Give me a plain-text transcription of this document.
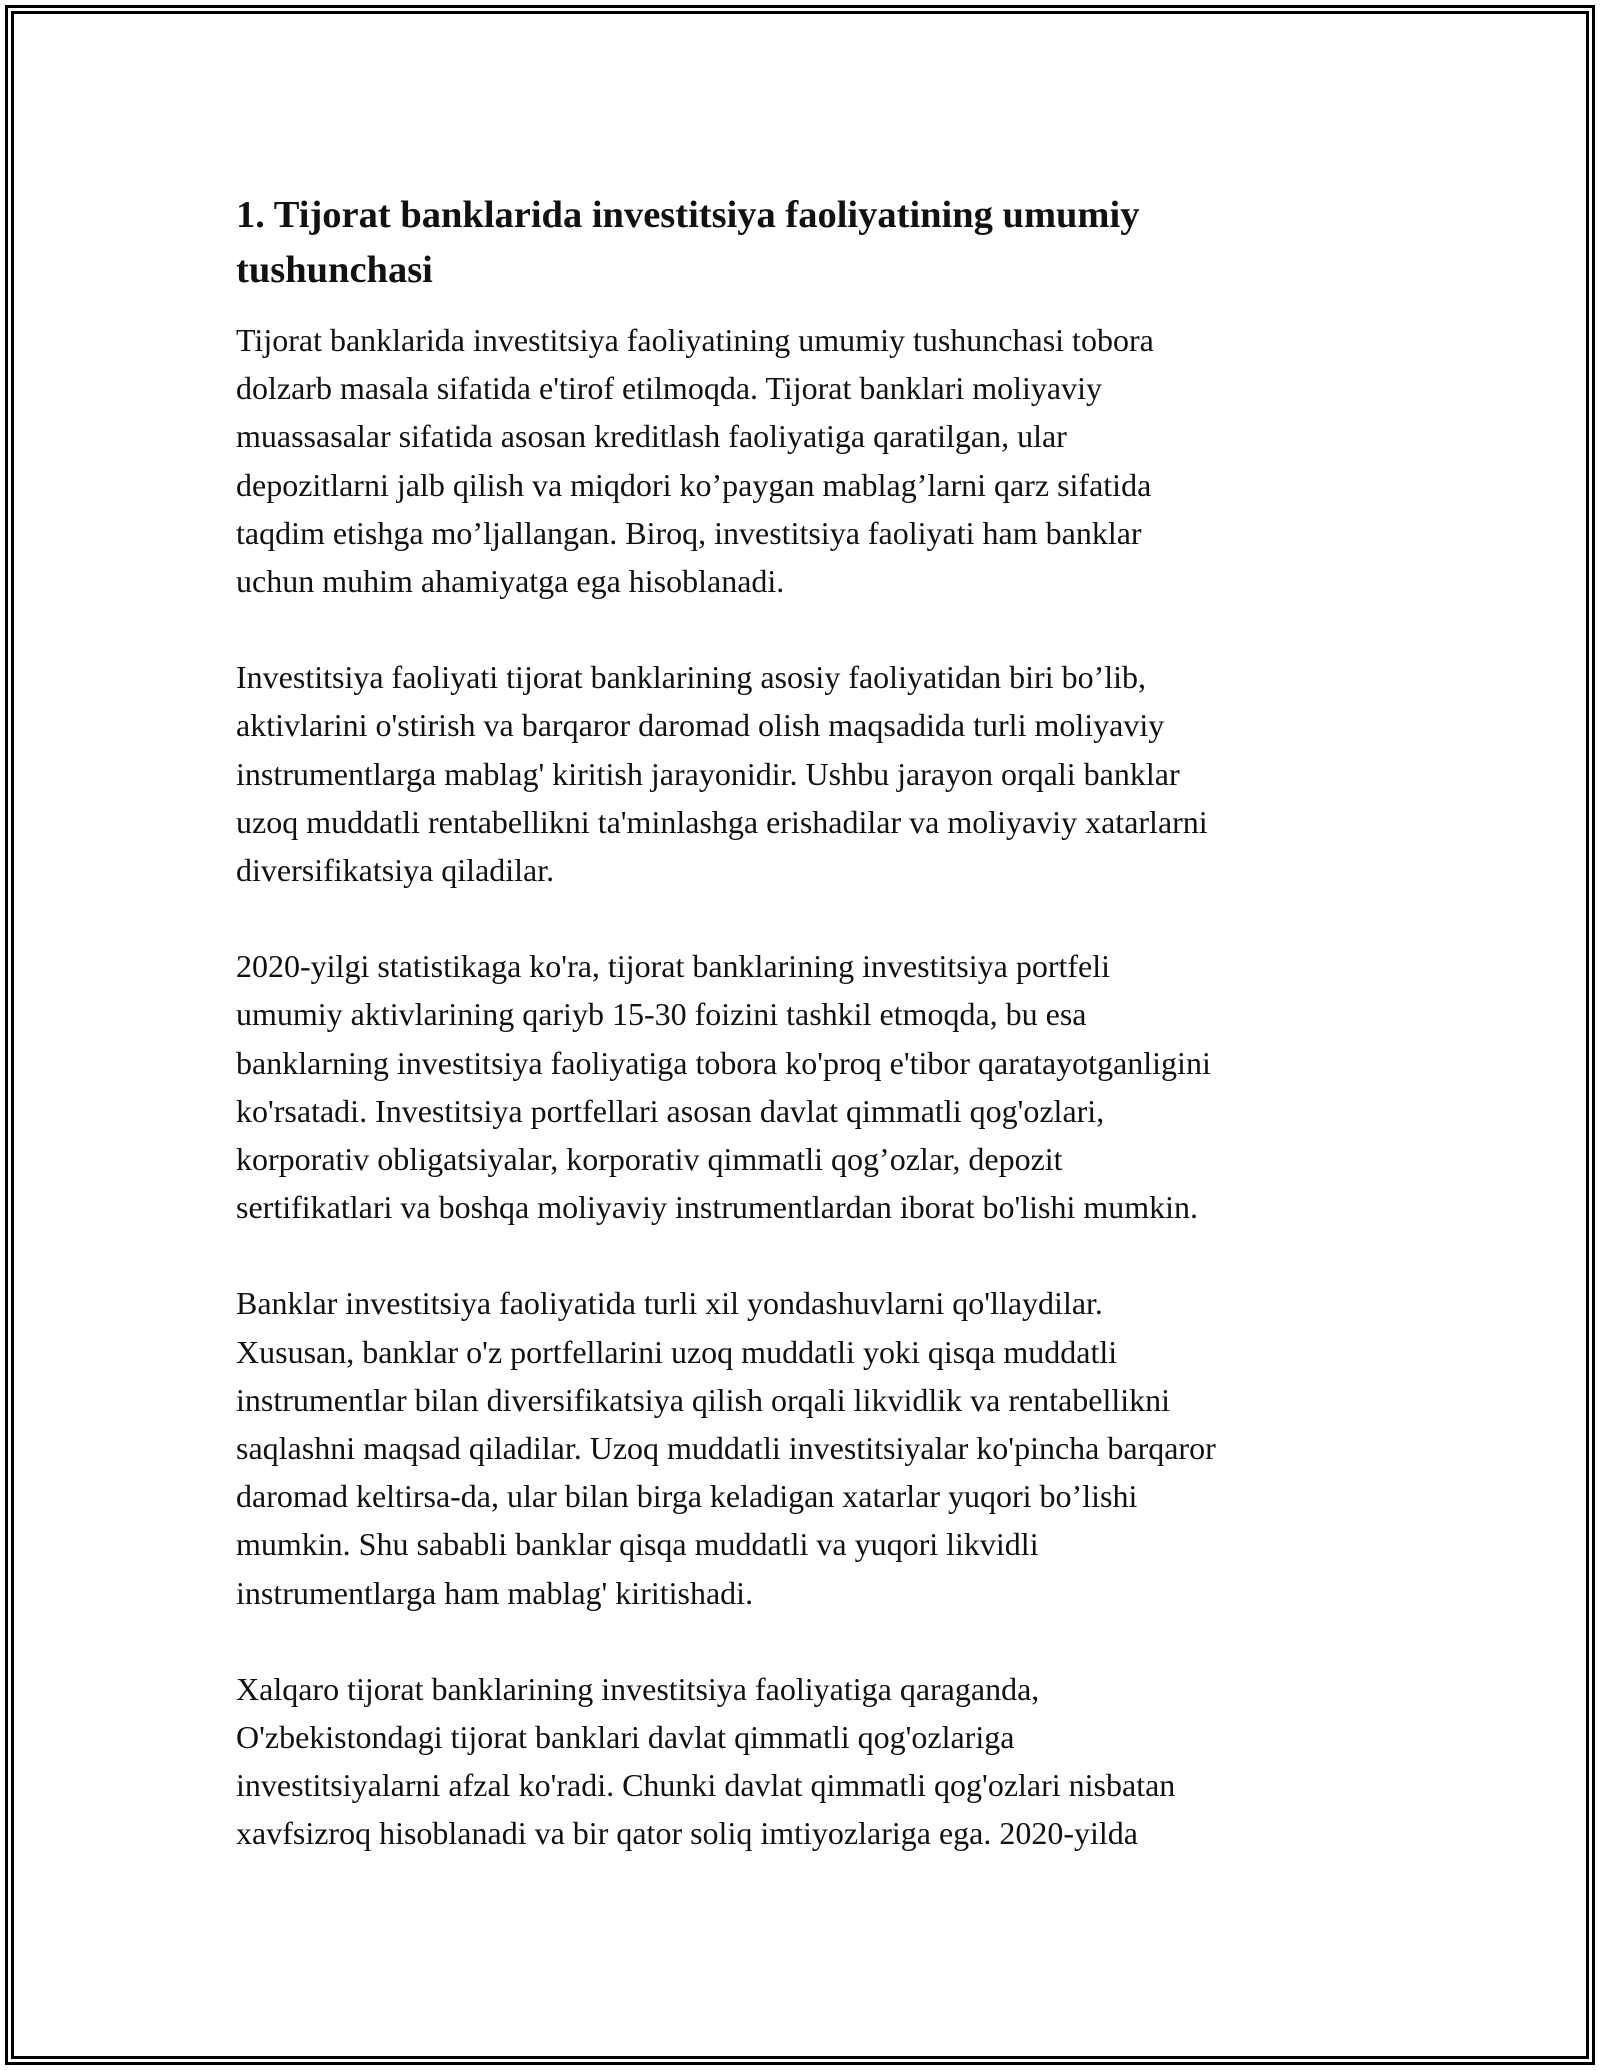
1. Tijorat banklarida investitsiya faoliyatining umumiy
tushunchasi

Tijorat banklarida investitsiya faoliyatining umumiy tushunchasi tobora
dolzarb masala sifatida e'tirof etilmoqda. Tijorat banklari moliyaviy
muassasalar sifatida asosan kreditlash faoliyatiga qaratilgan, ular
depozitlarni jalb qilish va miqdori ko’paygan mablag’larni qarz sifatida
taqdim etishga mo’ljallangan. Biroq, investitsiya faoliyati ham banklar
uchun muhim ahamiyatga ega hisoblanadi.

Investitsiya faoliyati tijorat banklarining asosiy faoliyatidan biri bo’lib,
aktivlarini o'stirish va barqaror daromad olish maqsadida turli moliyaviy
instrumentlarga mablag' kiritish jarayonidir. Ushbu jarayon orqali banklar
uzoq muddatli rentabellikni ta'minlashga erishadilar va moliyaviy xatarlarni
diversifikatsiya qiladilar.

2020-yilgi statistikaga ko'ra, tijorat banklarining investitsiya portfeli
umumiy aktivlarining qariyb 15-30 foizini tashkil etmoqda, bu esa
banklarning investitsiya faoliyatiga tobora ko'proq e'tibor qaratayotganligini
ko'rsatadi. Investitsiya portfellari asosan davlat qimmatli qog'ozlari,
korporativ obligatsiyalar, korporativ qimmatli qog’ozlar, depozit
sertifikatlari va boshqa moliyaviy instrumentlardan iborat bo'lishi mumkin.

Banklar investitsiya faoliyatida turli xil yondashuvlarni qo'llaydilar.
Xususan, banklar o'z portfellarini uzoq muddatli yoki qisqa muddatli
instrumentlar bilan diversifikatsiya qilish orqali likvidlik va rentabellikni
saqlashni maqsad qiladilar. Uzoq muddatli investitsiyalar ko'pincha barqaror
daromad keltirsa-da, ular bilan birga keladigan xatarlar yuqori bo’lishi
mumkin. Shu sababli banklar qisqa muddatli va yuqori likvidli
instrumentlarga ham mablag' kiritishadi.

Xalqaro tijorat banklarining investitsiya faoliyatiga qaraganda,
O'zbekistondagi tijorat banklari davlat qimmatli qog'ozlariga
investitsiyalarni afzal ko'radi. Chunki davlat qimmatli qog'ozlari nisbatan
xavfsizroq hisoblanadi va bir qator soliq imtiyozlariga ega. 2020-yilda
